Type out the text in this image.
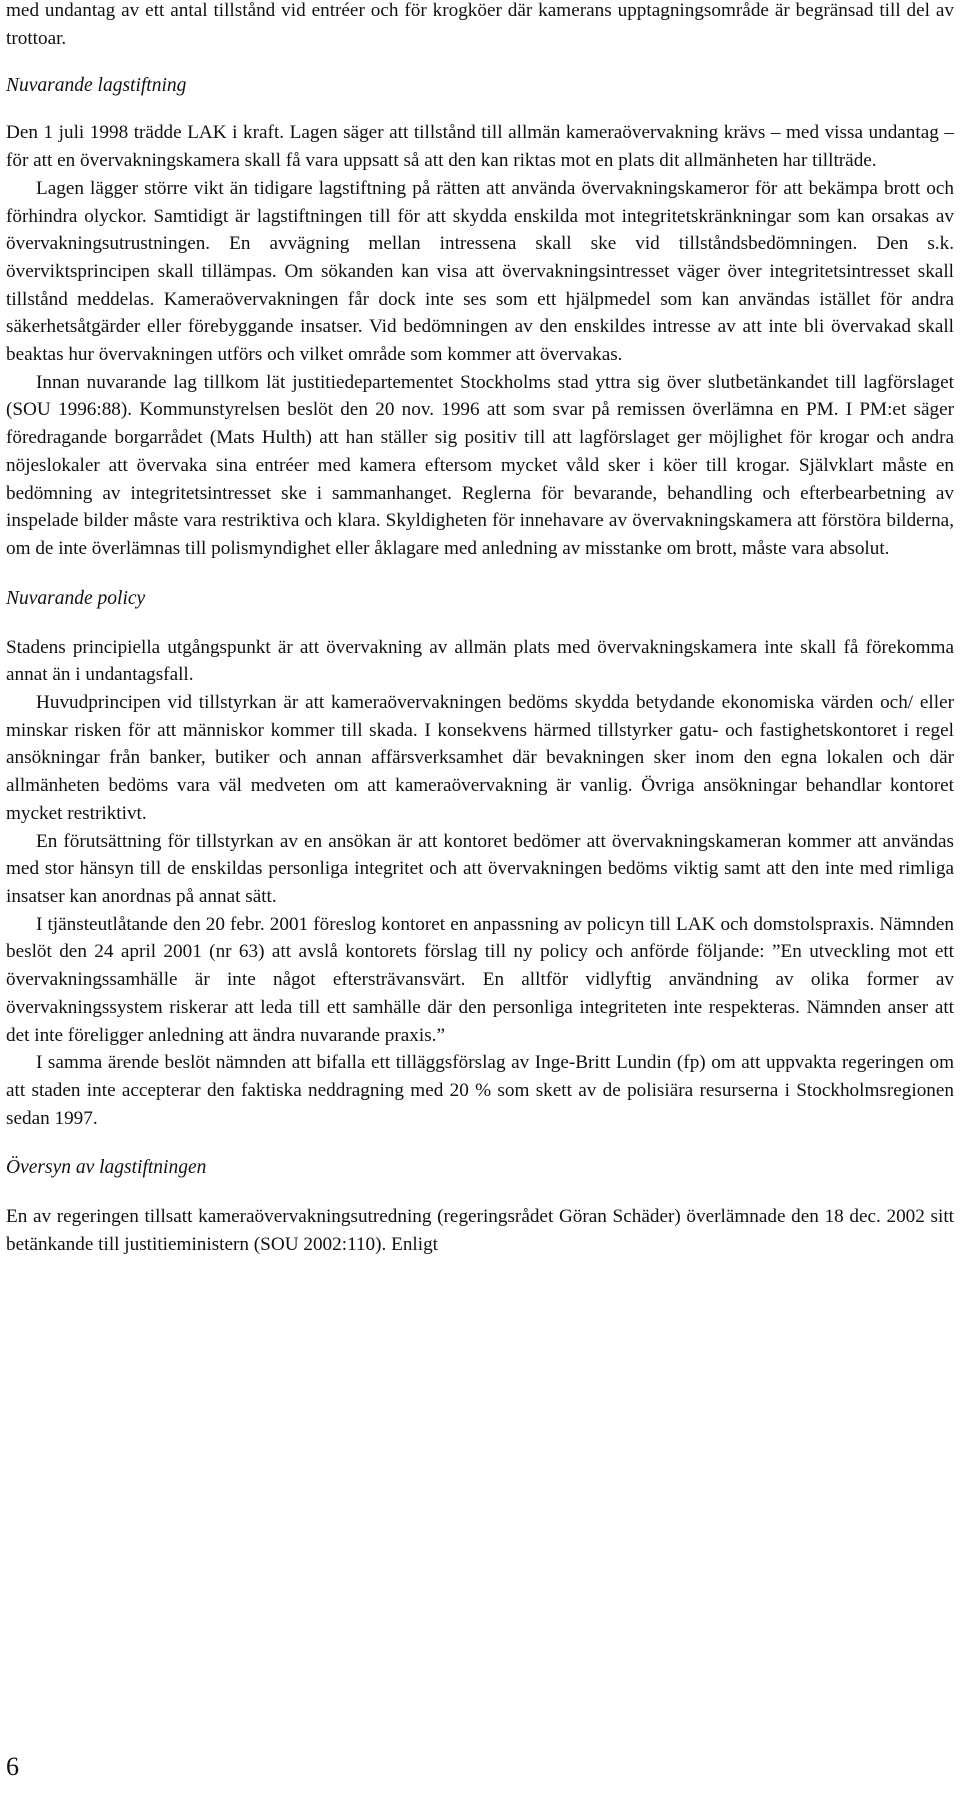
med undantag av ett antal tillstånd vid entréer och för krogköer där kamerans upptagningsområde är begränsad till del av trottoar.

Nuvarande lagstiftning

Den 1 juli 1998 trädde LAK i kraft. Lagen säger att tillstånd till allmän kameraövervakning krävs – med vissa undantag – för att en övervakningskamera skall få vara uppsatt så att den kan riktas mot en plats dit allmänheten har tillträde.

Lagen lägger större vikt än tidigare lagstiftning på rätten att använda övervakningskameror för att bekämpa brott och förhindra olyckor. Samtidigt är lagstiftningen till för att skydda enskilda mot integritetskränkningar som kan orsakas av övervakningsutrustningen. En avvägning mellan intressena skall ske vid tillståndsbedömningen. Den s.k. överviktsprincipen skall tillämpas. Om sökanden kan visa att övervakningsintresset väger över integritetsintresset skall tillstånd meddelas. Kameraövervakningen får dock inte ses som ett hjälpmedel som kan användas istället för andra säkerhetsåtgärder eller förebyggande insatser. Vid bedömningen av den enskildes intresse av att inte bli övervakad skall beaktas hur övervakningen utförs och vilket område som kommer att övervakas.

Innan nuvarande lag tillkom lät justitiedepartementet Stockholms stad yttra sig över slutbetänkandet till lagförslaget (SOU 1996:88). Kommunstyrelsen beslöt den 20 nov. 1996 att som svar på remissen överlämna en PM. I PM:et säger föredragande borgarrådet (Mats Hulth) att han ställer sig positiv till att lagförslaget ger möjlighet för krogar och andra nöjeslokaler att övervaka sina entréer med kamera eftersom mycket våld sker i köer till krogar. Självklart måste en bedömning av integritetsintresset ske i sammanhanget. Reglerna för bevarande, behandling och efterbearbetning av inspelade bilder måste vara restriktiva och klara. Skyldigheten för innehavare av övervakningskamera att förstöra bilderna, om de inte överlämnas till polismyndighet eller åklagare med anledning av misstanke om brott, måste vara absolut.

Nuvarande policy

Stadens principiella utgångspunkt är att övervakning av allmän plats med övervakningskamera inte skall få förekomma annat än i undantagsfall.

Huvudprincipen vid tillstyrkan är att kameraövervakningen bedöms skydda betydande ekonomiska värden och/ eller minskar risken för att människor kommer till skada. I konsekvens härmed tillstyrker gatu- och fastighetskontoret i regel ansökningar från banker, butiker och annan affärsverksamhet där bevakningen sker inom den egna lokalen och där allmänheten bedöms vara väl medveten om att kameraövervakning är vanlig. Övriga ansökningar behandlar kontoret mycket restriktivt.

En förutsättning för tillstyrkan av en ansökan är att kontoret bedömer att övervakningskameran kommer att användas med stor hänsyn till de enskildas personliga integritet och att övervakningen bedöms viktig samt att den inte med rimliga insatser kan anordnas på annat sätt.

I tjänsteutlåtande den 20 febr. 2001 föreslog kontoret en anpassning av policyn till LAK och domstolspraxis. Nämnden beslöt den 24 april 2001 (nr 63) att avslå kontorets förslag till ny policy och anförde följande: ”En utveckling mot ett övervakningssamhälle är inte något eftersträvansvärt. En alltför vidlyftig användning av olika former av övervakningssystem riskerar att leda till ett samhälle där den personliga integriteten inte respekteras. Nämnden anser att det inte föreligger anledning att ändra nuvarande praxis.”

I samma ärende beslöt nämnden att bifalla ett tilläggsförslag av Inge-Britt Lundin (fp) om att uppvakta regeringen om att staden inte accepterar den faktiska neddragning med 20 % som skett av de polisiära resurserna i Stockholmsregionen sedan 1997.

Översyn av lagstiftningen

En av regeringen tillsatt kameraövervakningsutredning (regeringsrådet Göran Schäder) överlämnade den 18 dec. 2002 sitt betänkande till justitieministern (SOU 2002:110). Enligt

6
